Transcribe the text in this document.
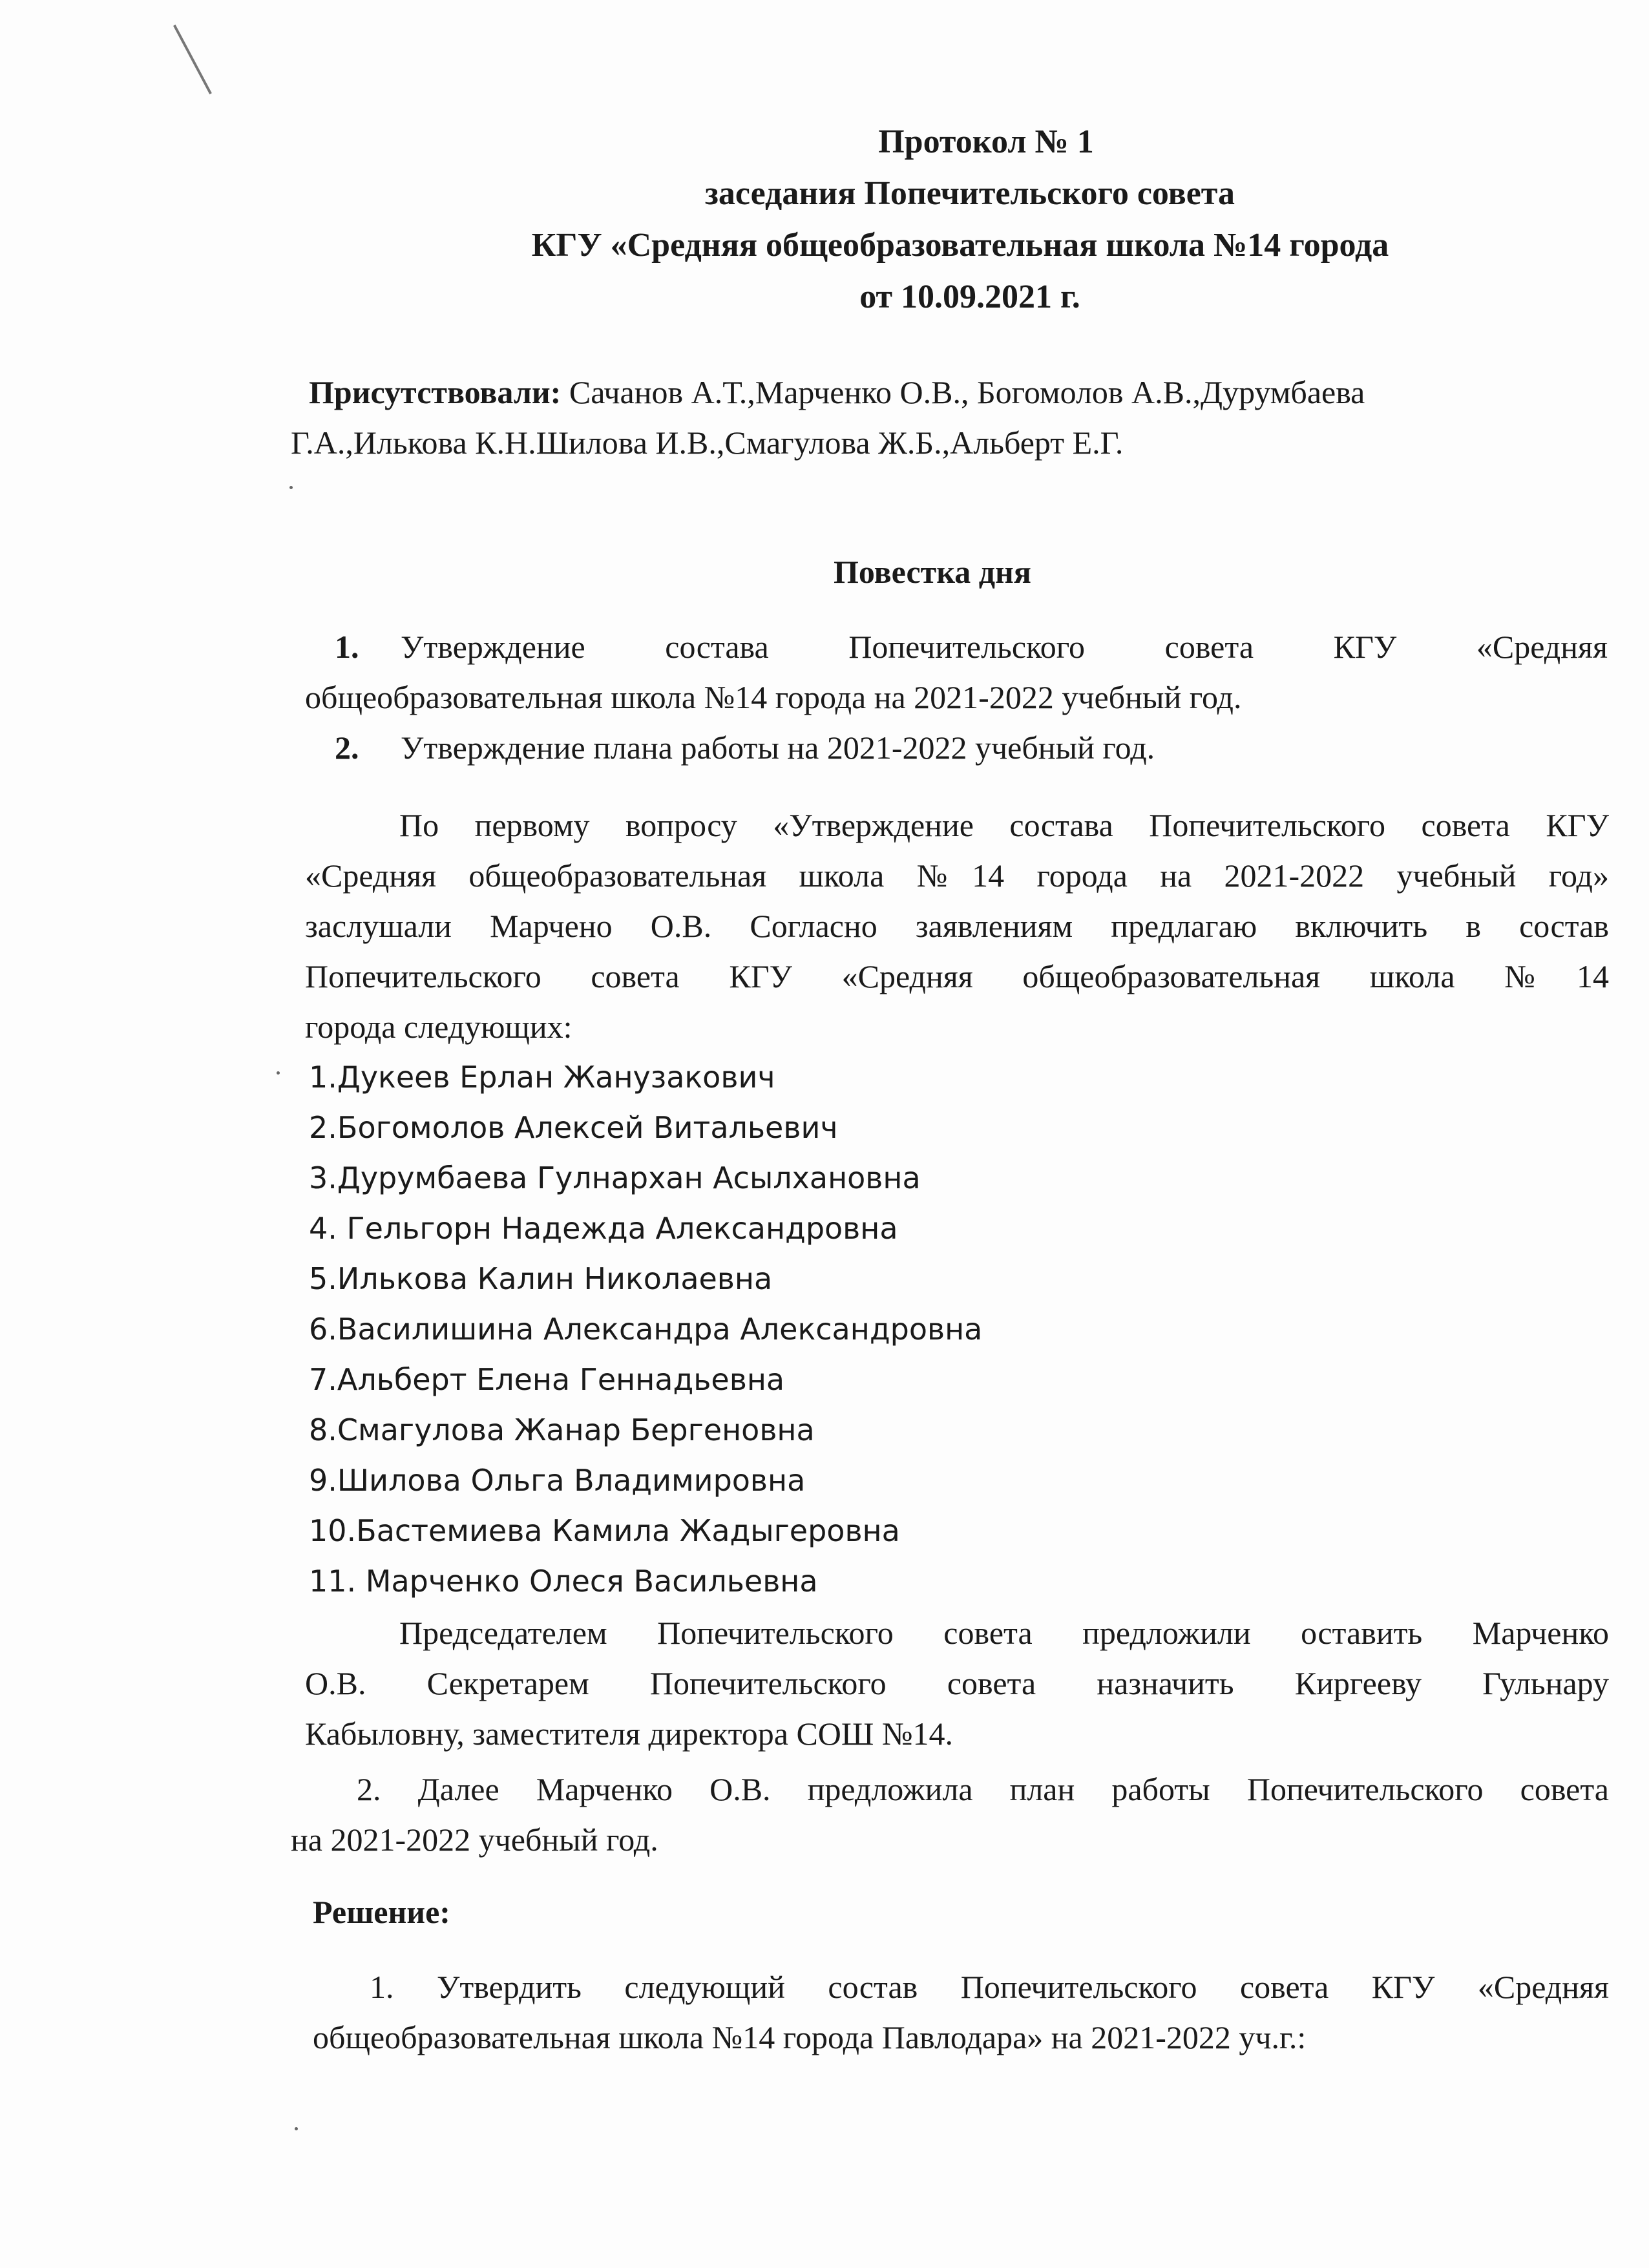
Протокол № 1
заседания Попечительского совета
КГУ «Средняя общеобразовательная школа №14 города
от 10.09.2021 г.
Присутствовали: Сачанов А.Т.,Марченко О.В., Богомолов А.В.,Дурумбаева
Г.А.,Илькова К.Н.Шилова И.В.,Смагулова Ж.Б.,Альберт Е.Г.
Повестка дня
1. Утверждение состава Попечительского совета КГУ «Средняя
общеобразовательная школа №14 города на 2021-2022 учебный год.
2. Утверждение плана работы на 2021-2022 учебный год.
По первому вопросу «Утверждение состава Попечительского совета КГУ
«Средняя общеобразовательная школа №14 города на 2021-2022 учебный год»
заслушали Марчено О.В. Согласно заявлениям предлагаю включить в состав
Попечительского совета КГУ «Средняя общеобразовательная школа №14
города следующих:
1.Дукеев Ерлан Жанузакович
2.Богомолов Алексей Витальевич
3.Дурумбаева Гулнархан Асылхановна
4. Гельгорн Надежда Александровна
5.Илькова Калин Николаевна
6.Василишина Александра Александровна
7.Альберт Елена Геннадьевна
8.Смагулова Жанар Бергеновна
9.Шилова Ольга Владимировна
10.Бастемиева Камила Жадыгеровна
11. Марченко Олеся Васильевна
Председателем Попечительского совета предложили оставить Марченко
О.В. Секретарем Попечительского совета назначить Киргееву Гульнару
Кабыловну, заместителя директора СОШ №14.
2. Далее Марченко О.В. предложила план работы Попечительского совета
на 2021-2022 учебный год.
Решение:
1. Утвердить следующий состав Попечительского совета КГУ «Средняя
общеобразовательная школа №14 города Павлодара» на 2021-2022 уч.г.:
